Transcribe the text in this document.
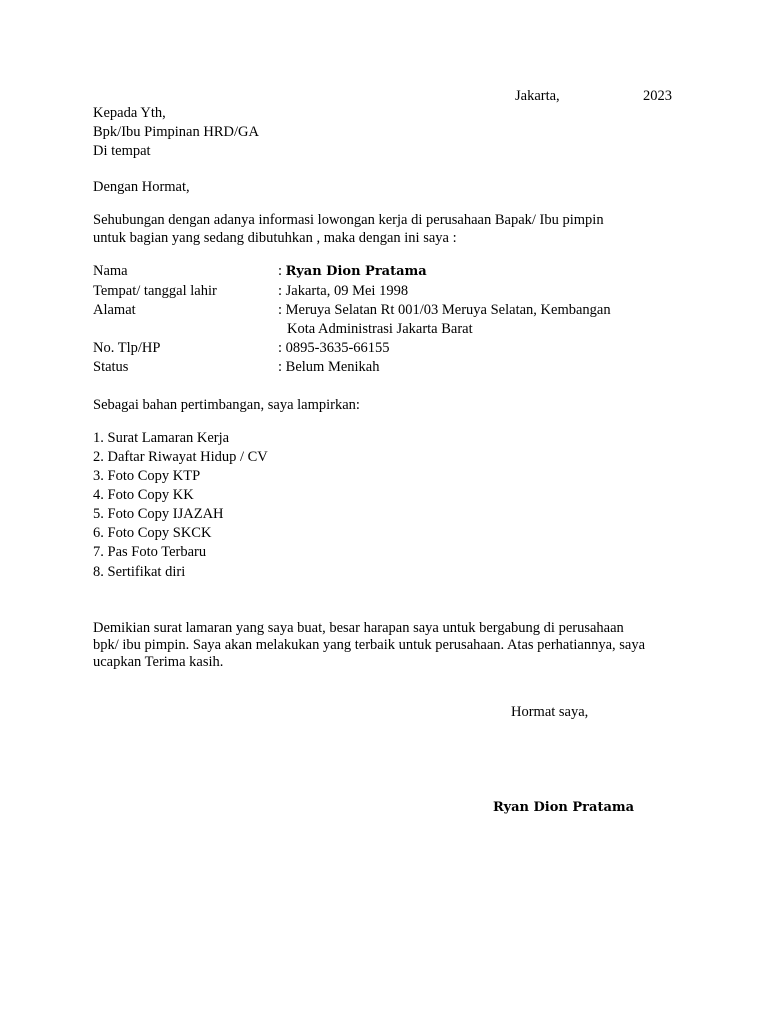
Jakarta,	2023
Kepada Yth,
Bpk/Ibu Pimpinan HRD/GA
Di tempat
Dengan Hormat,
Sehubungan dengan adanya informasi lowongan kerja di perusahaan Bapak/ Ibu pimpin
untuk bagian yang sedang dibutuhkan , maka dengan ini saya :
Nama	: Ryan Dion Pratama
Tempat/ tanggal lahir	: Jakarta, 09 Mei 1998
Alamat	: Meruya Selatan Rt 001/03 Meruya Selatan, Kembangan
Kota Administrasi Jakarta Barat
No. Tlp/HP	: 0895-3635-66155
Status	: Belum Menikah
Sebagai bahan pertimbangan, saya lampirkan:
1. Surat Lamaran Kerja
2. Daftar Riwayat Hidup / CV
3. Foto Copy KTP
4. Foto Copy KK
5. Foto Copy IJAZAH
6. Foto Copy SKCK
7. Pas Foto Terbaru
8. Sertifikat diri
Demikian surat lamaran yang saya buat, besar harapan saya untuk bergabung di perusahaan
bpk/ ibu pimpin. Saya akan melakukan yang terbaik untuk perusahaan. Atas perhatiannya, saya
ucapkan Terima kasih.
Hormat saya,
Ryan Dion Pratama
